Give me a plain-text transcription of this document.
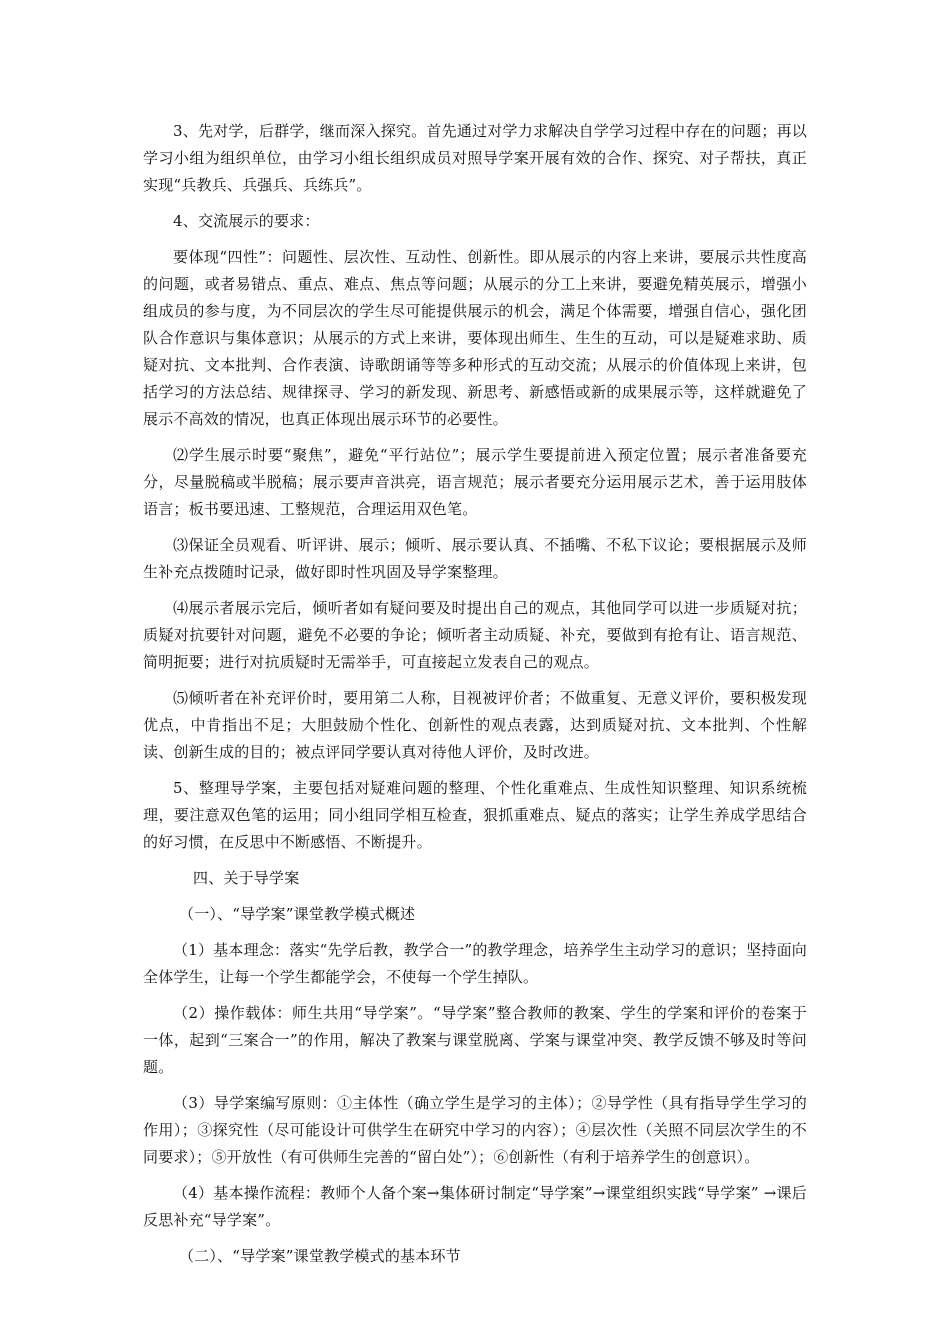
3、先对学，后群学，继而深入探究。首先通过对学力求解决自学学习过程中存在的问题；再以学习小组为组织单位，由学习小组长组织成员对照导学案开展有效的合作、探究、对子帮扶，真正实现“兵教兵、兵强兵、兵练兵”。

4、交流展示的要求：

要体现“四性”：问题性、层次性、互动性、创新性。即从展示的内容上来讲，要展示共性度高的问题，或者易错点、重点、难点、焦点等问题；从展示的分工上来讲，要避免精英展示，增强小组成员的参与度，为不同层次的学生尽可能提供展示的机会，满足个体需要，增强自信心，强化团队合作意识与集体意识；从展示的方式上来讲，要体现出师生、生生的互动，可以是疑难求助、质疑对抗、文本批判、合作表演、诗歌朗诵等等多种形式的互动交流；从展示的价值体现上来讲，包括学习的方法总结、规律探寻、学习的新发现、新思考、新感悟或新的成果展示等，这样就避免了展示不高效的情况，也真正体现出展示环节的必要性。

⑵学生展示时要“聚焦”，避免“平行站位”；展示学生要提前进入预定位置；展示者准备要充分，尽量脱稿或半脱稿；展示要声音洪亮，语言规范；展示者要充分运用展示艺术，善于运用肢体语言；板书要迅速、工整规范，合理运用双色笔。

⑶保证全员观看、听评讲、展示；倾听、展示要认真、不插嘴、不私下议论；要根据展示及师生补充点拨随时记录，做好即时性巩固及导学案整理。

⑷展示者展示完后，倾听者如有疑问要及时提出自己的观点，其他同学可以进一步质疑对抗；质疑对抗要针对问题，避免不必要的争论；倾听者主动质疑、补充，要做到有抢有让、语言规范、简明扼要；进行对抗质疑时无需举手，可直接起立发表自己的观点。

⑸倾听者在补充评价时，要用第二人称，目视被评价者；不做重复、无意义评价，要积极发现优点，中肯指出不足；大胆鼓励个性化、创新性的观点表露，达到质疑对抗、文本批判、个性解读、创新生成的目的；被点评同学要认真对待他人评价，及时改进。

5、整理导学案，主要包括对疑难问题的整理、个性化重难点、生成性知识整理、知识系统梳理，要注意双色笔的运用；同小组同学相互检查，狠抓重难点、疑点的落实；让学生养成学思结合的好习惯，在反思中不断感悟、不断提升。

四、关于导学案

（一）、“导学案”课堂教学模式概述

（1）基本理念：落实“先学后教，教学合一”的教学理念，培养学生主动学习的意识；坚持面向全体学生，让每一个学生都能学会，不使每一个学生掉队。

（2）操作载体：师生共用“导学案”。“导学案”整合教师的教案、学生的学案和评价的卷案于一体，起到“三案合一”的作用，解决了教案与课堂脱离、学案与课堂冲突、教学反馈不够及时等问题。

（3）导学案编写原则：①主体性（确立学生是学习的主体）；②导学性（具有指导学生学习的作用）；③探究性（尽可能设计可供学生在研究中学习的内容）；④层次性（关照不同层次学生的不同要求）；⑤开放性（有可供师生完善的“留白处”）；⑥创新性（有利于培养学生的创意识）。

（4）基本操作流程：教师个人备个案→集体研讨制定“导学案”→课堂组织实践“导学案” →课后反思补充“导学案”。

（二）、“导学案”课堂教学模式的基本环节
